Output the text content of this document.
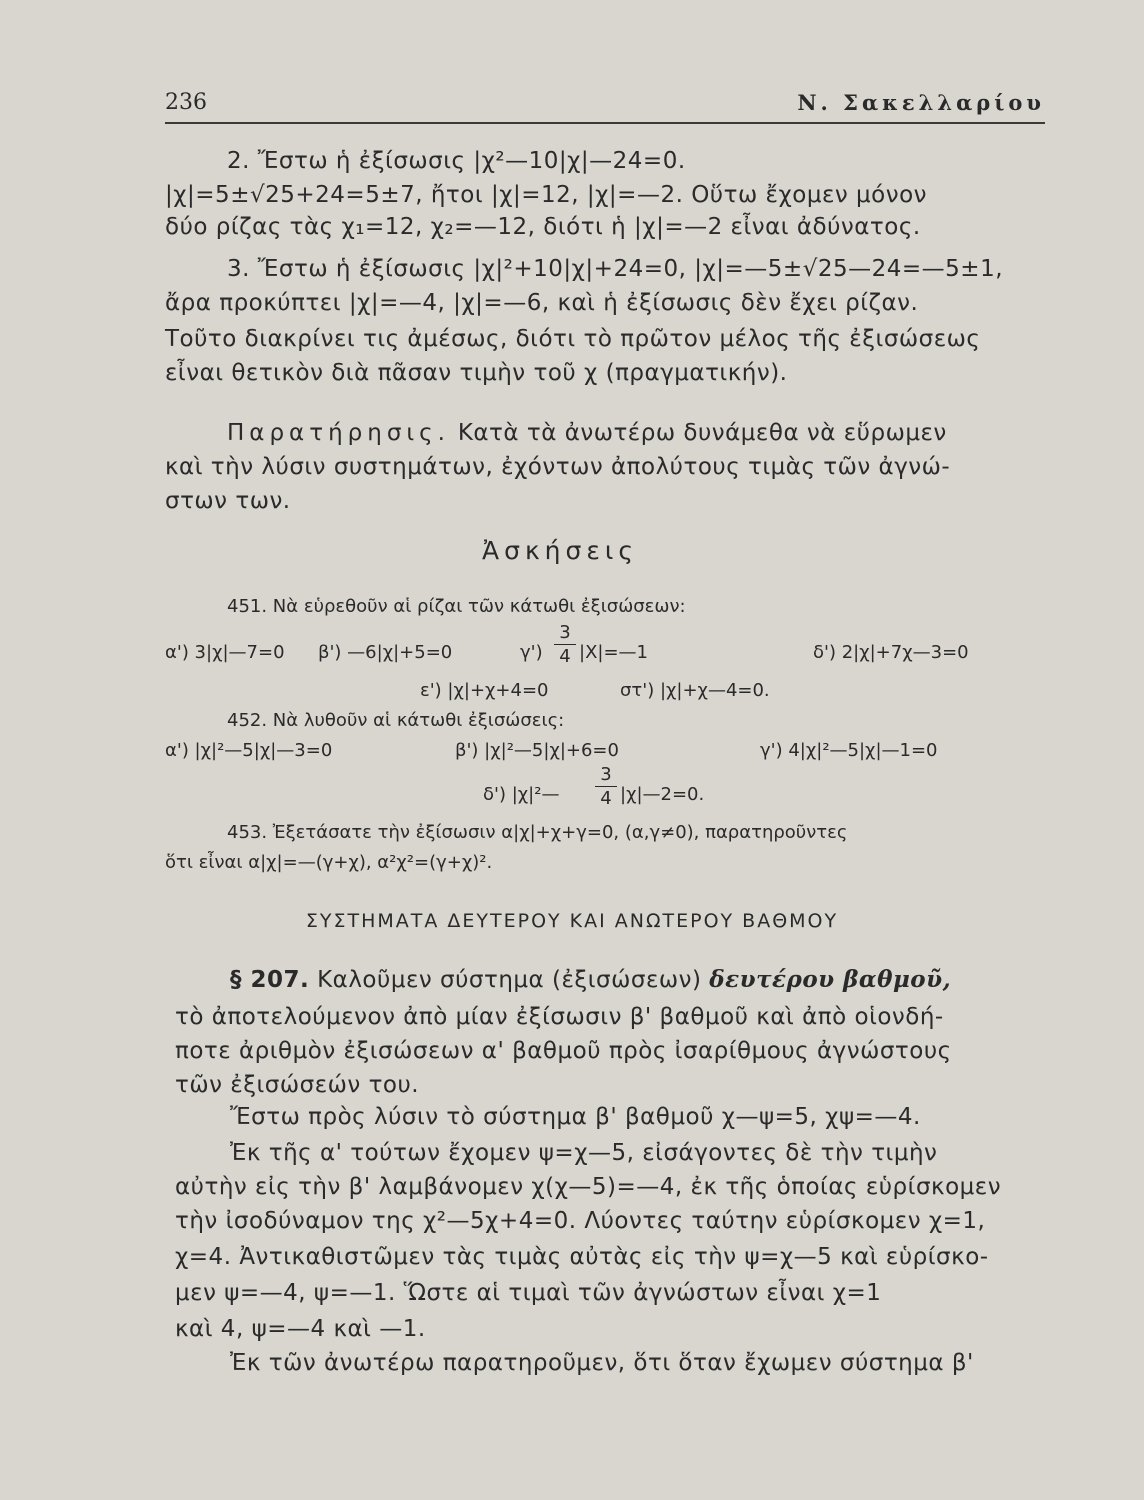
236	Ν. Σακελλαρίου
2. Ἔστω ἡ ἐξίσωσις |χ²—10|χ|—24=0.
|χ|=5±√25+24=5±7, ἤτοι |χ|=12, |χ|=—2. Οὕτω ἔχομεν μόνον
δύο ρίζας τὰς χ₁=12, χ₂=—12, διότι ἡ |χ|=—2 εἶναι ἀδύνατος.
3. Ἔστω ἡ ἐξίσωσις |χ|²+10|χ|+24=0, |χ|=—5±√25—24=—5±1,
ἄρα προκύπτει |χ|=—4, |χ|=—6, καὶ ἡ ἐξίσωσις δὲν ἔχει ρίζαν.
Τοῦτο διακρίνει τις ἀμέσως, διότι τὸ πρῶτον μέλος τῆς ἐξισώσεως
εἶναι θετικὸν διὰ πᾶσαν τιμὴν τοῦ χ (πραγματικήν).
Παρατήρησις. Κατὰ τὰ ἀνωτέρω δυνάμεθα νὰ εὕρωμεν
καὶ τὴν λύσιν συστημάτων, ἐχόντων ἀπολύτους τιμὰς τῶν ἀγνώ-
στων των.
Ἀσκήσεις
451. Νὰ εὑρεθοῦν αἱ ρίζαι τῶν κάτωθι ἐξισώσεων:
α') 3|χ|—7=0 β') —6|χ|+5=0	γ')
3
4 |X|=—1	δ') 2|χ|+7χ—3=0
ε') |χ|+χ+4=0	στ') |χ|+χ—4=0.
452. Νὰ λυθοῦν αἱ κάτωθι ἐξισώσεις:
α') |χ|²—5|χ|—3=0	β') |χ|²—5|χ|+6=0	γ') 4|χ|²—5|χ|—1=0
δ') |χ|²—
3
4 |χ|—2=0.
453. Ἐξετάσατε τὴν ἐξίσωσιν α|χ|+χ+γ=0, (α,γ≠0), παρατηροῦντες
ὅτι εἶναι α|χ|=—(γ+χ), α²χ²=(γ+χ)².
ΣΥΣΤΗΜΑΤΑ ΔΕΥΤΕΡΟΥ ΚΑΙ ΑΝΩΤΕΡΟΥ ΒΑΘΜΟΥ
§ 207. Καλοῦμεν σύστημα (ἐξισώσεων) δευτέρου βαθμοῦ,
τὸ ἀποτελούμενον ἀπὸ μίαν ἐξίσωσιν β' βαθμοῦ καὶ ἀπὸ οἱονδή-
ποτε ἀριθμὸν ἐξισώσεων α' βαθμοῦ πρὸς ἰσαρίθμους ἀγνώστους
τῶν ἐξισώσεών του.
Ἔστω πρὸς λύσιν τὸ σύστημα β' βαθμοῦ χ—ψ=5, χψ=—4.
Ἐκ τῆς α' τούτων ἔχομεν ψ=χ—5, εἰσάγοντες δὲ τὴν τιμὴν
αὐτὴν εἰς τὴν β' λαμβάνομεν χ(χ—5)=—4, ἐκ τῆς ὁποίας εὑρίσκομεν
τὴν ἰσοδύναμον της χ²—5χ+4=0. Λύοντες ταύτην εὑρίσκομεν χ=1,
χ=4. Ἀντικαθιστῶμεν τὰς τιμὰς αὐτὰς εἰς τὴν ψ=χ—5 καὶ εὑρίσκο-
μεν ψ=—4, ψ=—1. Ὥστε αἱ τιμαὶ τῶν ἀγνώστων εἶναι χ=1
καὶ 4, ψ=—4 καὶ —1.
Ἐκ τῶν ἀνωτέρω παρατηροῦμεν, ὅτι ὅταν ἔχωμεν σύστημα β'
